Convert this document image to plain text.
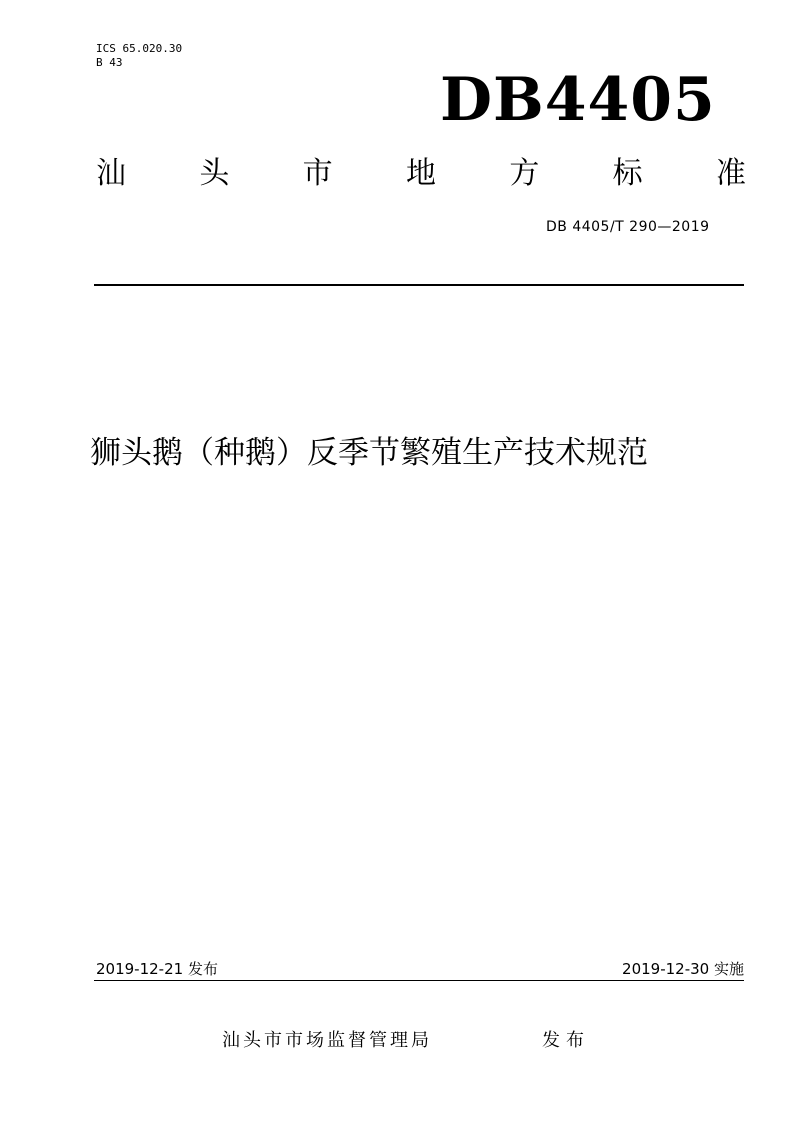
ICS 65.020.30
B 43
DB4405
汕 头 市 地 方 标 准
DB 4405/T 290—2019
狮头鹅（种鹅）反季节繁殖生产技术规范
2019-12-21 发布	2019-12-30 实施
汕头市市场监督管理局	发布
